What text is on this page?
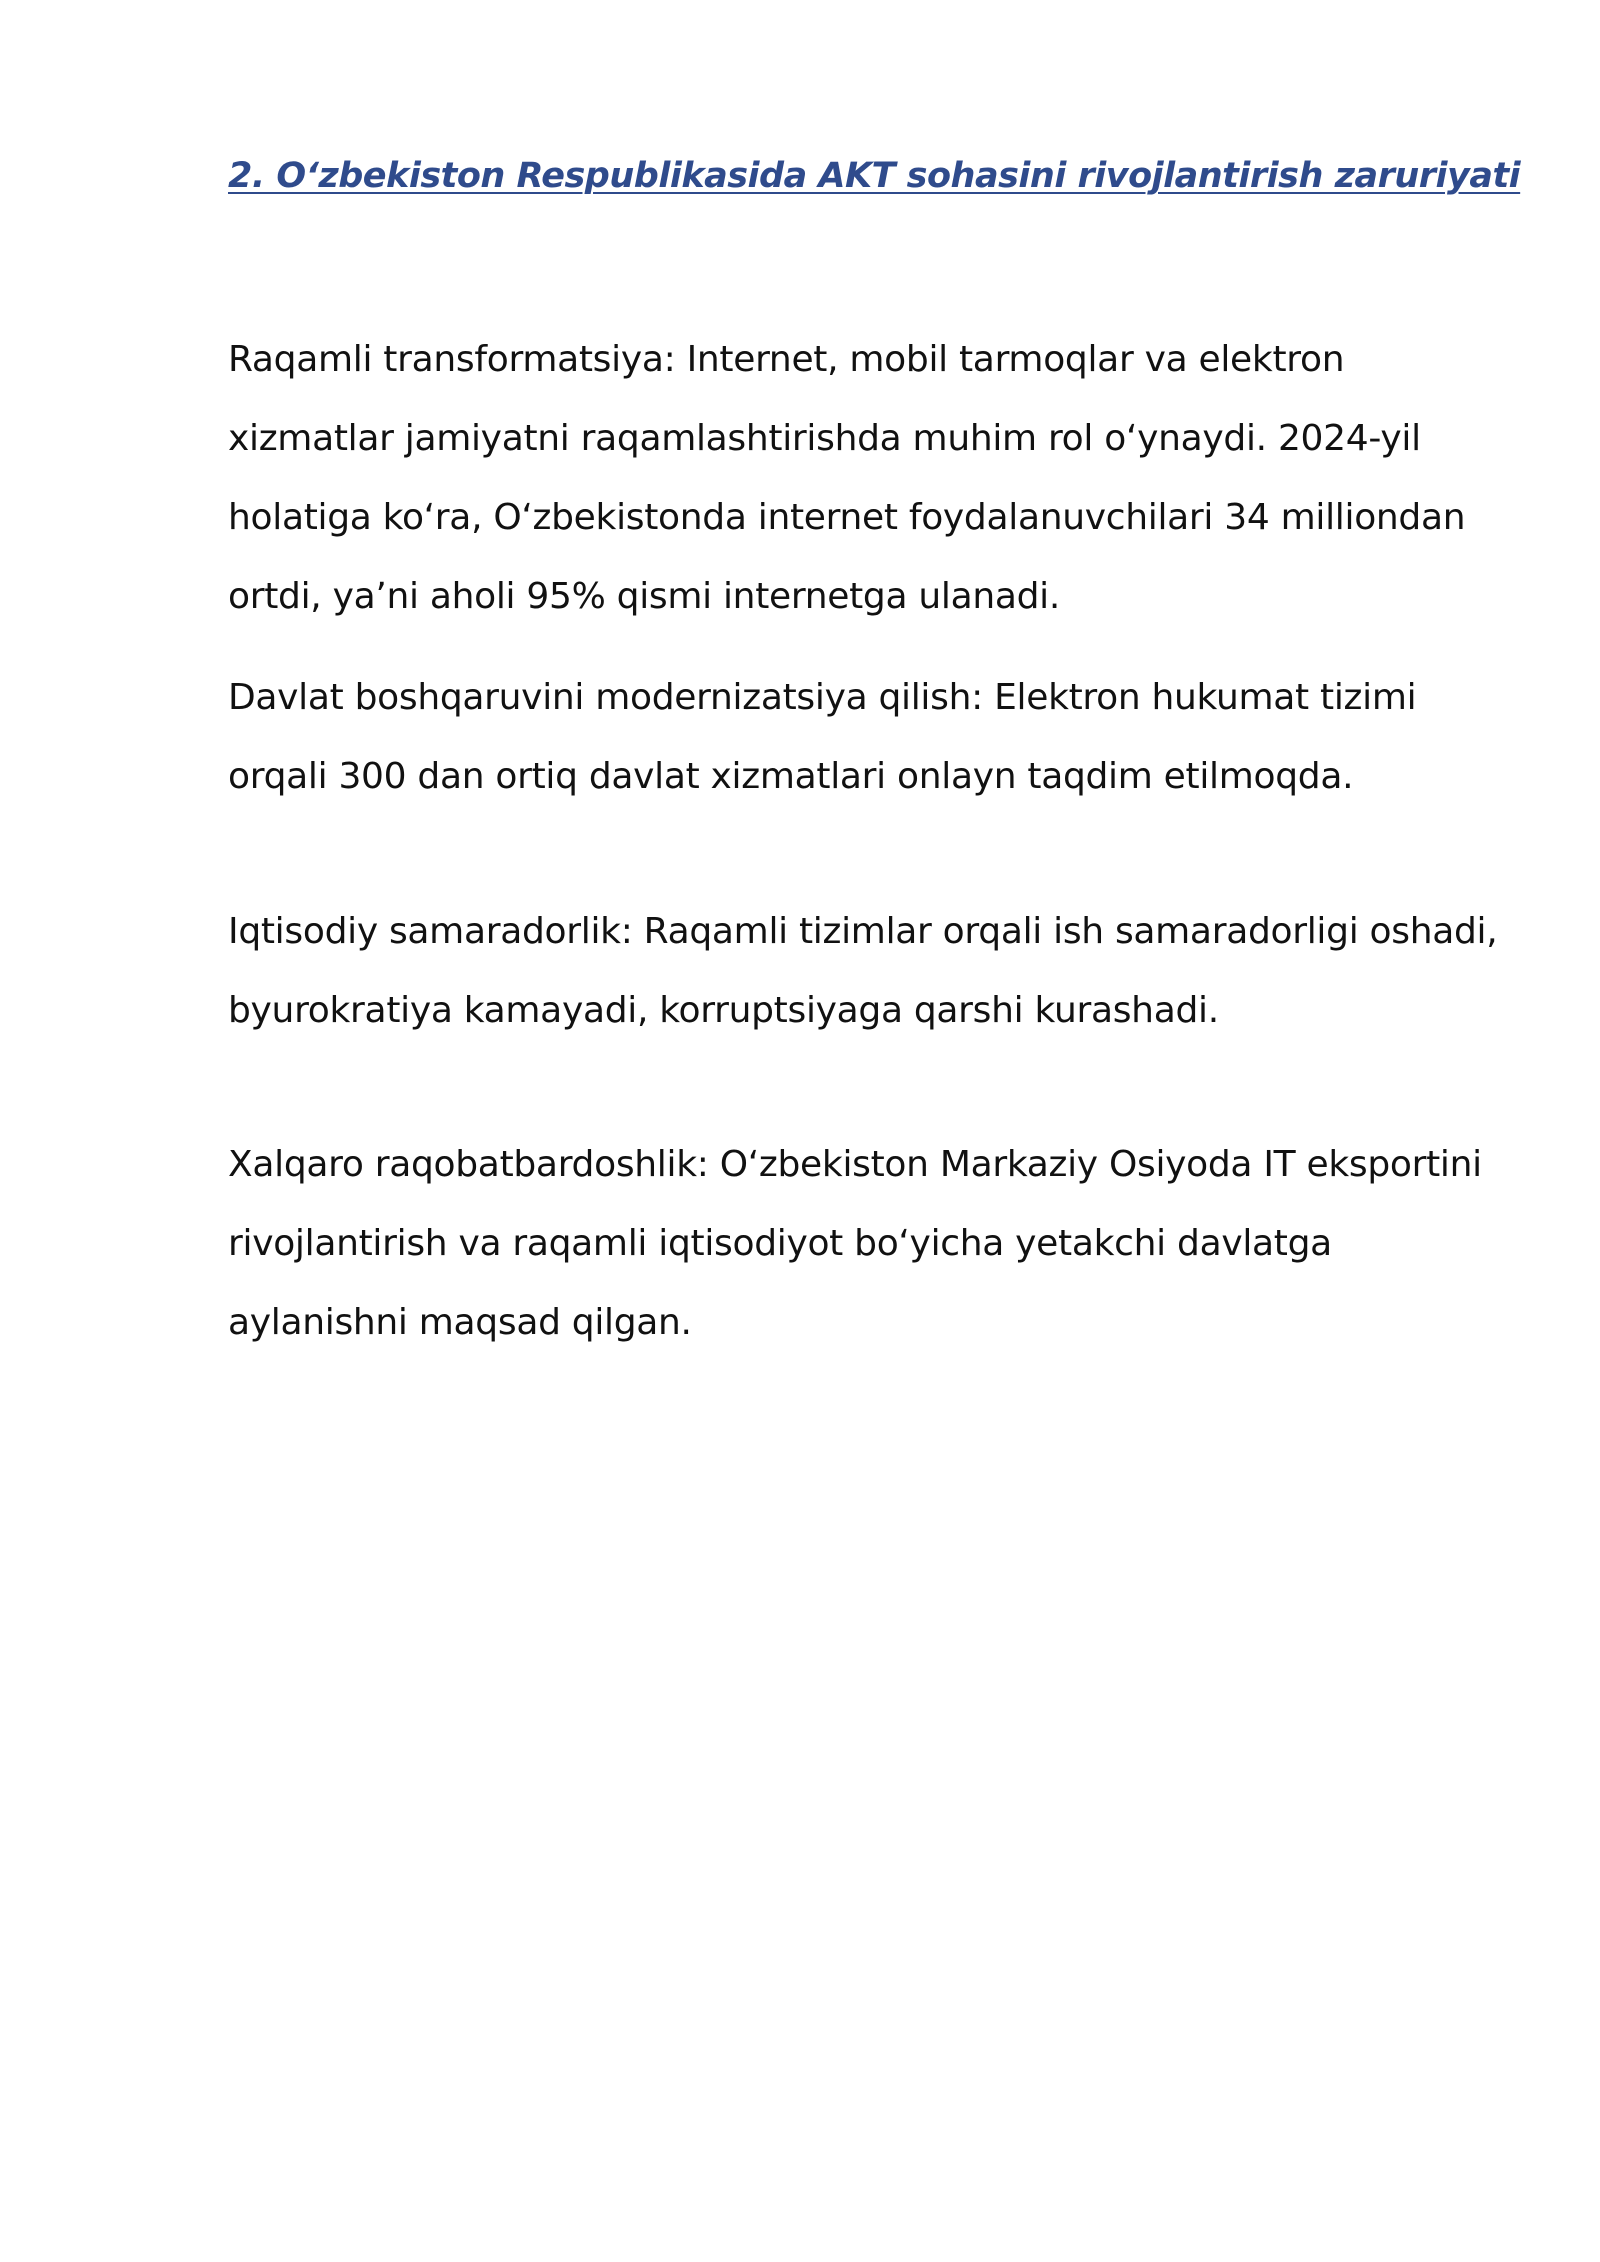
2. O‘zbekiston Respublikasida AKT sohasini rivojlantirish zaruriyati

Raqamli transformatsiya: Internet, mobil tarmoqlar va elektron
xizmatlar jamiyatni raqamlashtirishda muhim rol o‘ynaydi. 2024-yil
holatiga ko‘ra, O‘zbekistonda internet foydalanuvchilari 34 milliondan
ortdi, ya’ni aholi 95% qismi internetga ulanadi.

Davlat boshqaruvini modernizatsiya qilish: Elektron hukumat tizimi
orqali 300 dan ortiq davlat xizmatlari onlayn taqdim etilmoqda.

Iqtisodiy samaradorlik: Raqamli tizimlar orqali ish samaradorligi oshadi,
byurokratiya kamayadi, korruptsiyaga qarshi kurashadi.

Xalqaro raqobatbardoshlik: O‘zbekiston Markaziy Osiyoda IT eksportini
rivojlantirish va raqamli iqtisodiyot bo‘yicha yetakchi davlatga
aylanishni maqsad qilgan.
